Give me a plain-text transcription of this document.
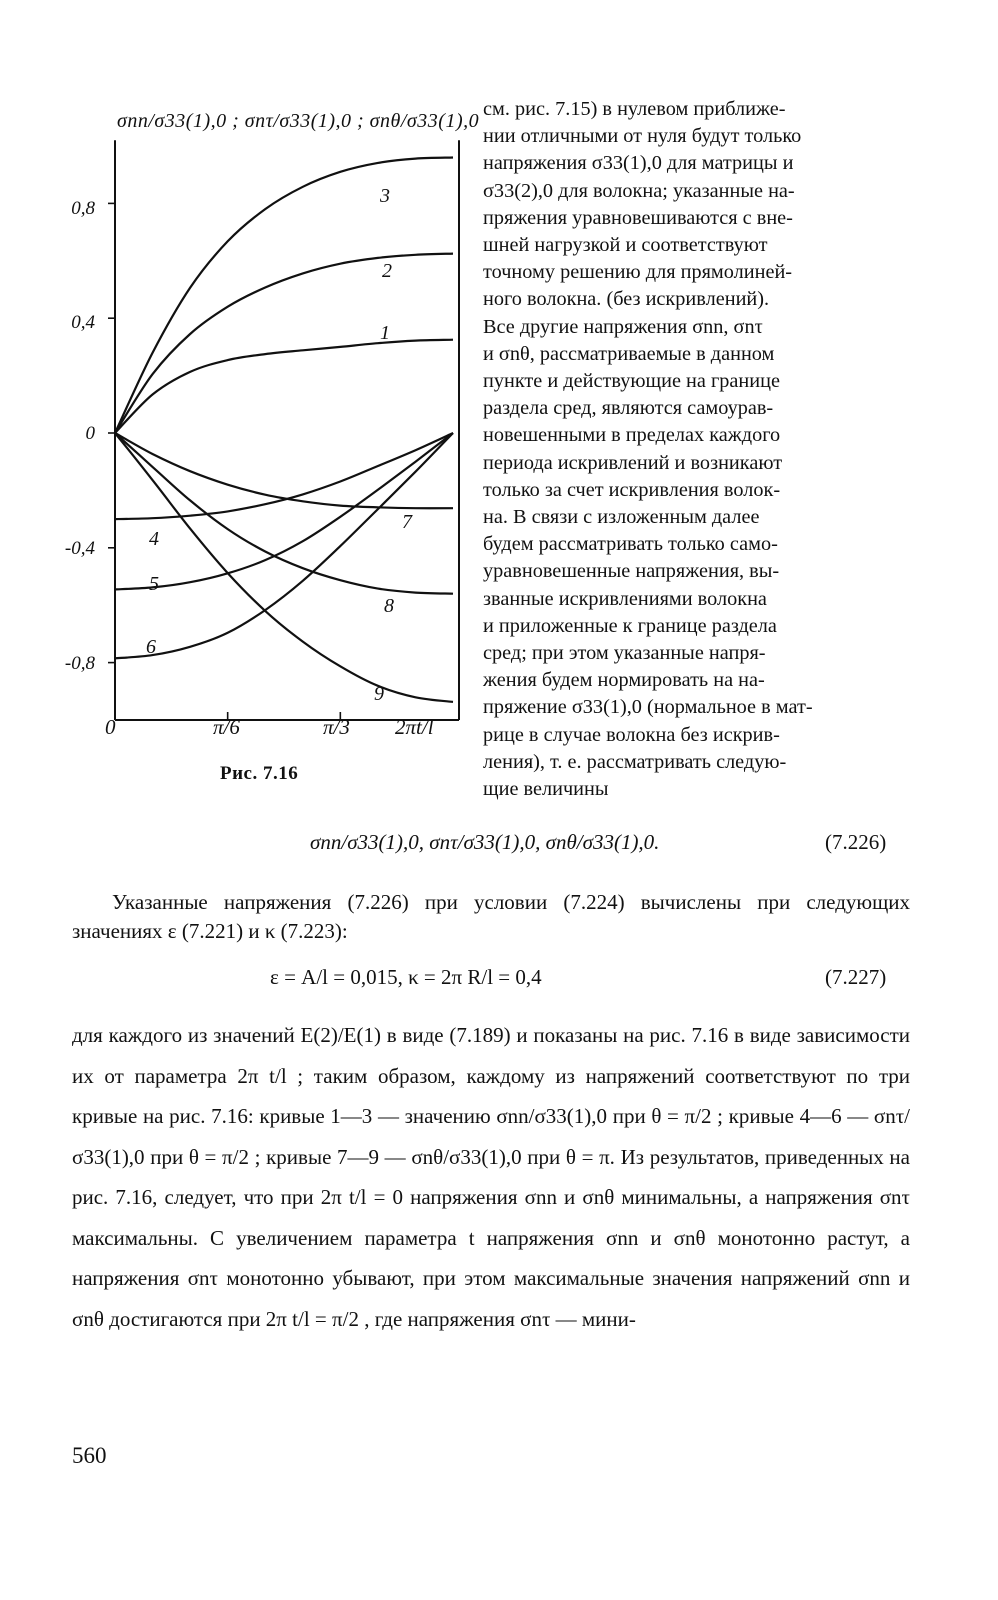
σnn/σ33(1),0 ; σnτ/σ33(1),0 ; σnθ/σ33(1),0
0,8
0,4
0
-0,4
-0,8
0	π/6	π/3 2πt/l
3
2
1
4
5
6
7
8
9
Рис. 7.16

см. рис. 7.15) в нулевом приближе-

нии отличными от нуля будут только

напряжения σ33(1),0 для матрицы и

σ33(2),0 для волокна; указанные на-

пряжения уравновешиваются с вне-

шней нагрузкой и соответствуют

точному решению для прямолиней-

ного волокна. (без искривлений).

Все другие напряжения σnn, σnτ

и σnθ, рассматриваемые в данном

пункте и действующие на границе

раздела сред, являются самоурав-

новешенными в пределах каждого

периода искривлений и возникают

только за счет искривления волок-

на. В связи с изложенным далее

будем рассматривать только само-

уравновешенные напряжения, вы-

званные искривлениями волокна

и приложенные к границе раздела

сред; при этом указанные напря-

жения будем нормировать на на-

пряжение σ33(1),0 (нормальное в мат-

рице в случае волокна без искрив-

ления), т. е. рассматривать следую-

щие величины

σnn/σ33(1),0, σnτ/σ33(1),0, σnθ/σ33(1),0.	(7.226)
Указанные напряжения (7.226) при условии (7.224) вычислены при следующих значениях ε (7.221) и κ (7.223):
ε = A/l = 0,015, κ = 2π R/l = 0,4	(7.227)
для каждого из значений E(2)/E(1) в виде (7.189) и показаны на рис. 7.16 в виде зависимости их от параметра 2π t/l ; таким образом, каждому из напряжений соответствуют по три кривые на рис. 7.16: кривые 1—3 — значению σnn/σ33(1),0 при θ = π/2 ; кривые 4—6 — σnτ/σ33(1),0 при θ = π/2 ; кривые 7—9 — σnθ/σ33(1),0 при θ = π. Из результатов, приведенных на рис. 7.16, следует, что при 2π t/l = 0 напряжения σnn и σnθ минимальны, а напряжения σnτ максимальны. С увеличением параметра t напряжения σnn и σnθ монотонно растут, а напряжения σnτ монотонно убывают, при этом максимальные значения напряжений σnn и σnθ достигаются при 2π t/l = π/2 , где напряжения σnτ — мини-
560
